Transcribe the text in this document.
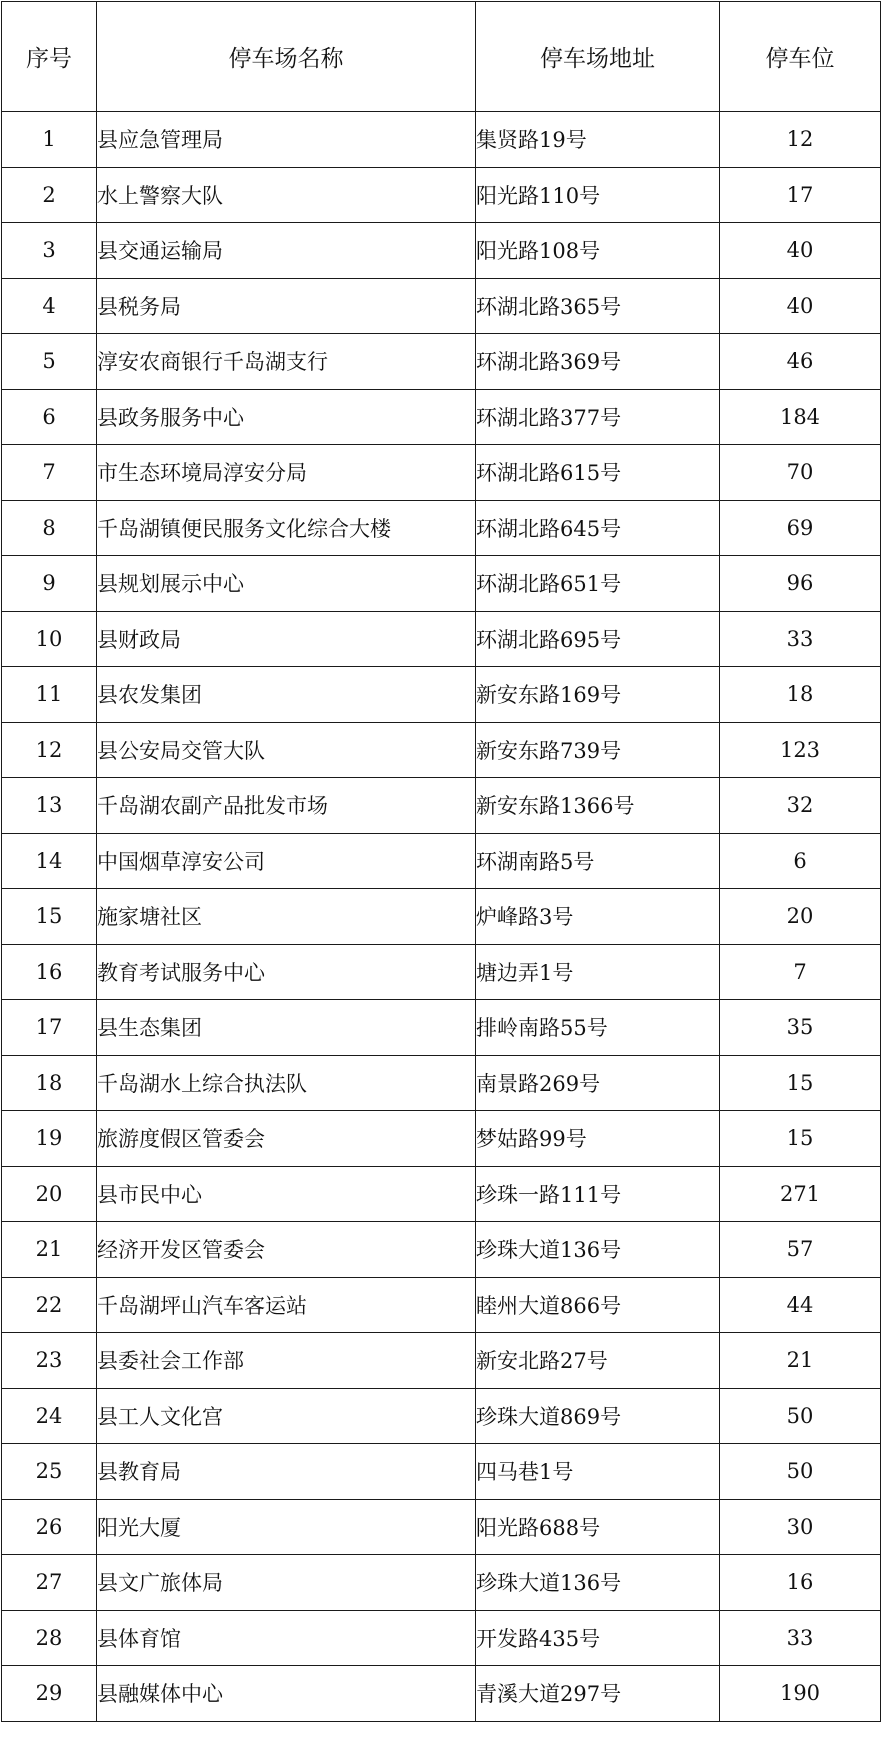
序号	停车场名称	停车场地址	停车位
1	县应急管理局	集贤路19号	12
2	水上警察大队	阳光路110号	17
3	县交通运输局	阳光路108号	40
4	县税务局	环湖北路365号	40
5	淳安农商银行千岛湖支行	环湖北路369号	46
6	县政务服务中心	环湖北路377号	184
7	市生态环境局淳安分局	环湖北路615号	70
8	千岛湖镇便民服务文化综合大楼	环湖北路645号	69
9	县规划展示中心	环湖北路651号	96
10	县财政局	环湖北路695号	33
11	县农发集团	新安东路169号	18
12	县公安局交管大队	新安东路739号	123
13	千岛湖农副产品批发市场	新安东路1366号	32
14	中国烟草淳安公司	环湖南路5号	6
15	施家塘社区	炉峰路3号	20
16	教育考试服务中心	塘边弄1号	7
17	县生态集团	排岭南路55号	35
18	千岛湖水上综合执法队	南景路269号	15
19	旅游度假区管委会	梦姑路99号	15
20	县市民中心	珍珠一路111号	271
21	经济开发区管委会	珍珠大道136号	57
22	千岛湖坪山汽车客运站	睦州大道866号	44
23	县委社会工作部	新安北路27号	21
24	县工人文化宫	珍珠大道869号	50
25	县教育局	四马巷1号	50
26	阳光大厦	阳光路688号	30
27	县文广旅体局	珍珠大道136号	16
28	县体育馆	开发路435号	33
29	县融媒体中心	青溪大道297号	190
